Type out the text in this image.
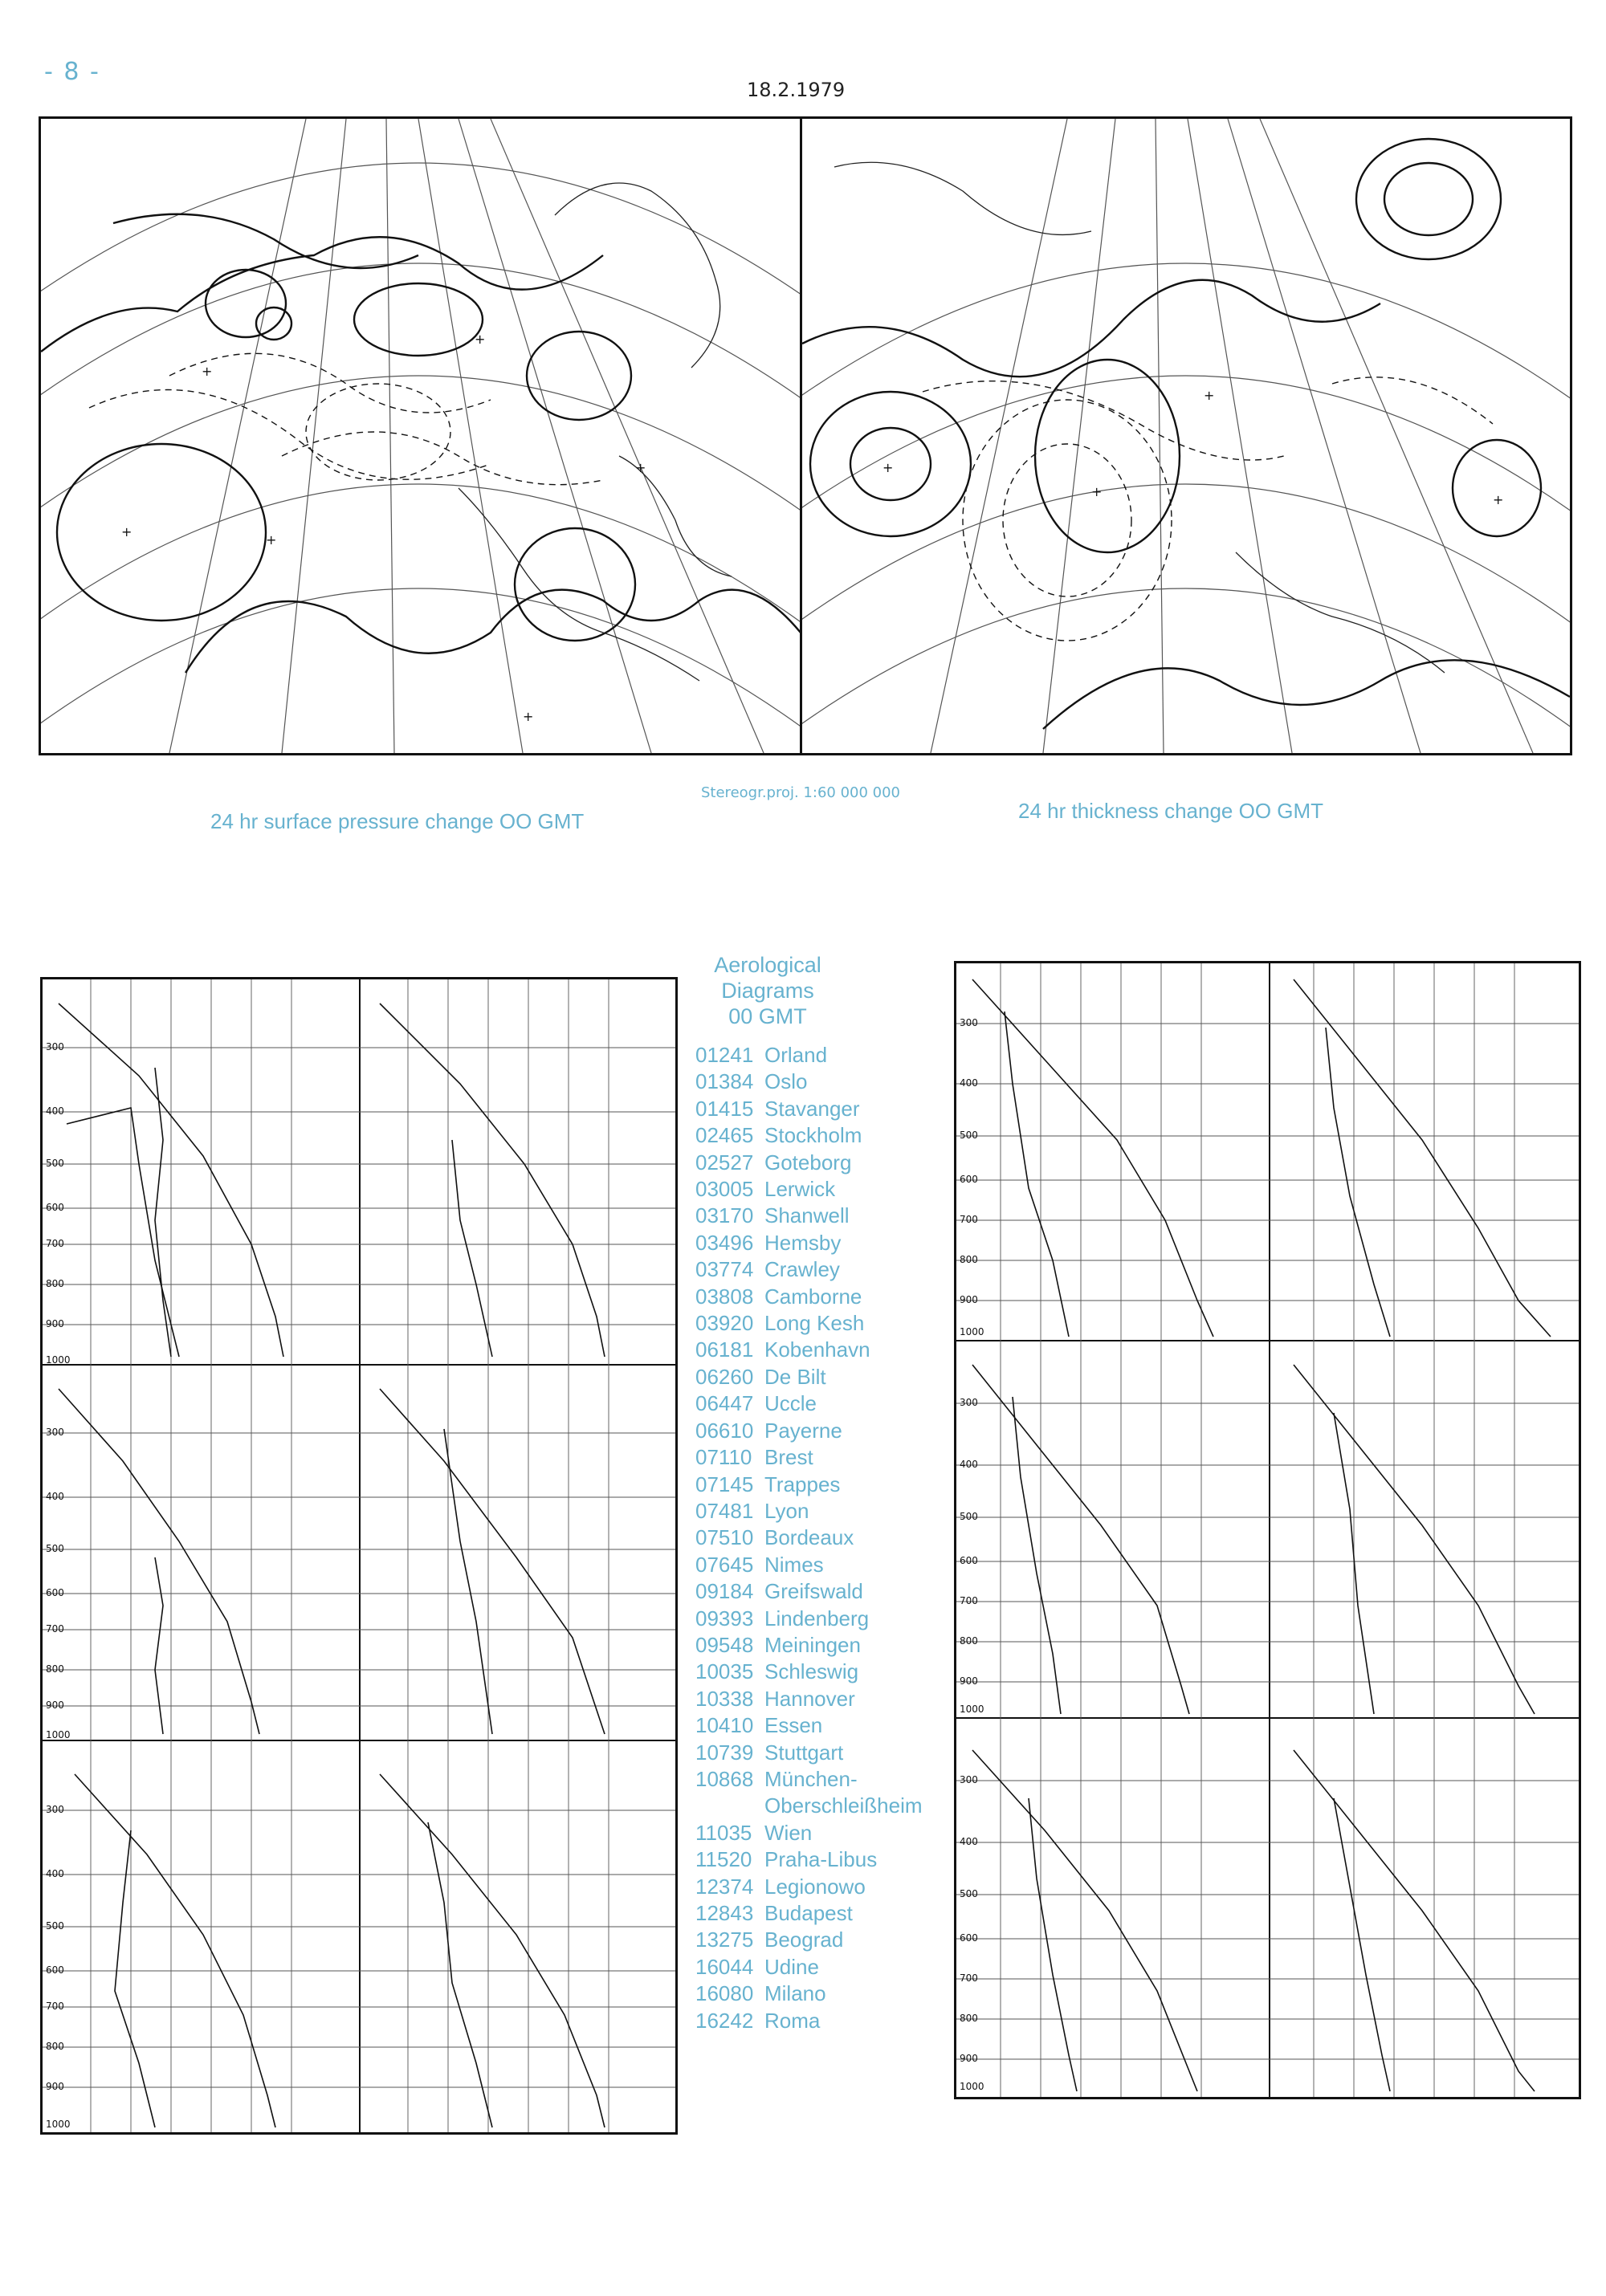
- 8 -
18.2.1979
+
+
+
+
+
+
+
+
+
+
24 hr surface pressure change OO GMT
Stereogr.proj. 1:60 000 000
24 hr thickness change OO GMT
300
400
500
600
700
800
900
1000
300
400
500
600
700
800
900
1000
300
400
500
600
700
800
900
1000
300
400
500
600
700
800
900
1000
300
400
500
600
700
800
900
1000
300
400
500
600
700
800
900
1000
Aerological
Diagrams
00 GMT
01241 Orland
01384 Oslo
01415 Stavanger
02465 Stockholm
02527 Goteborg
03005 Lerwick
03170 Shanwell
03496 Hemsby
03774 Crawley
03808 Camborne
03920 Long Kesh
06181 Kobenhavn
06260 De Bilt
06447 Uccle
06610 Payerne
07110 Brest
07145 Trappes
07481 Lyon
07510 Bordeaux
07645 Nimes
09184 Greifswald
09393 Lindenberg
09548 Meiningen
10035 Schleswig
10338 Hannover
10410 Essen
10739 Stuttgart
10868 München-
Oberschleißheim
11035 Wien
11520 Praha-Libus
12374 Legionowo
12843 Budapest
13275 Beograd
16044 Udine
16080 Milano
16242 Roma
